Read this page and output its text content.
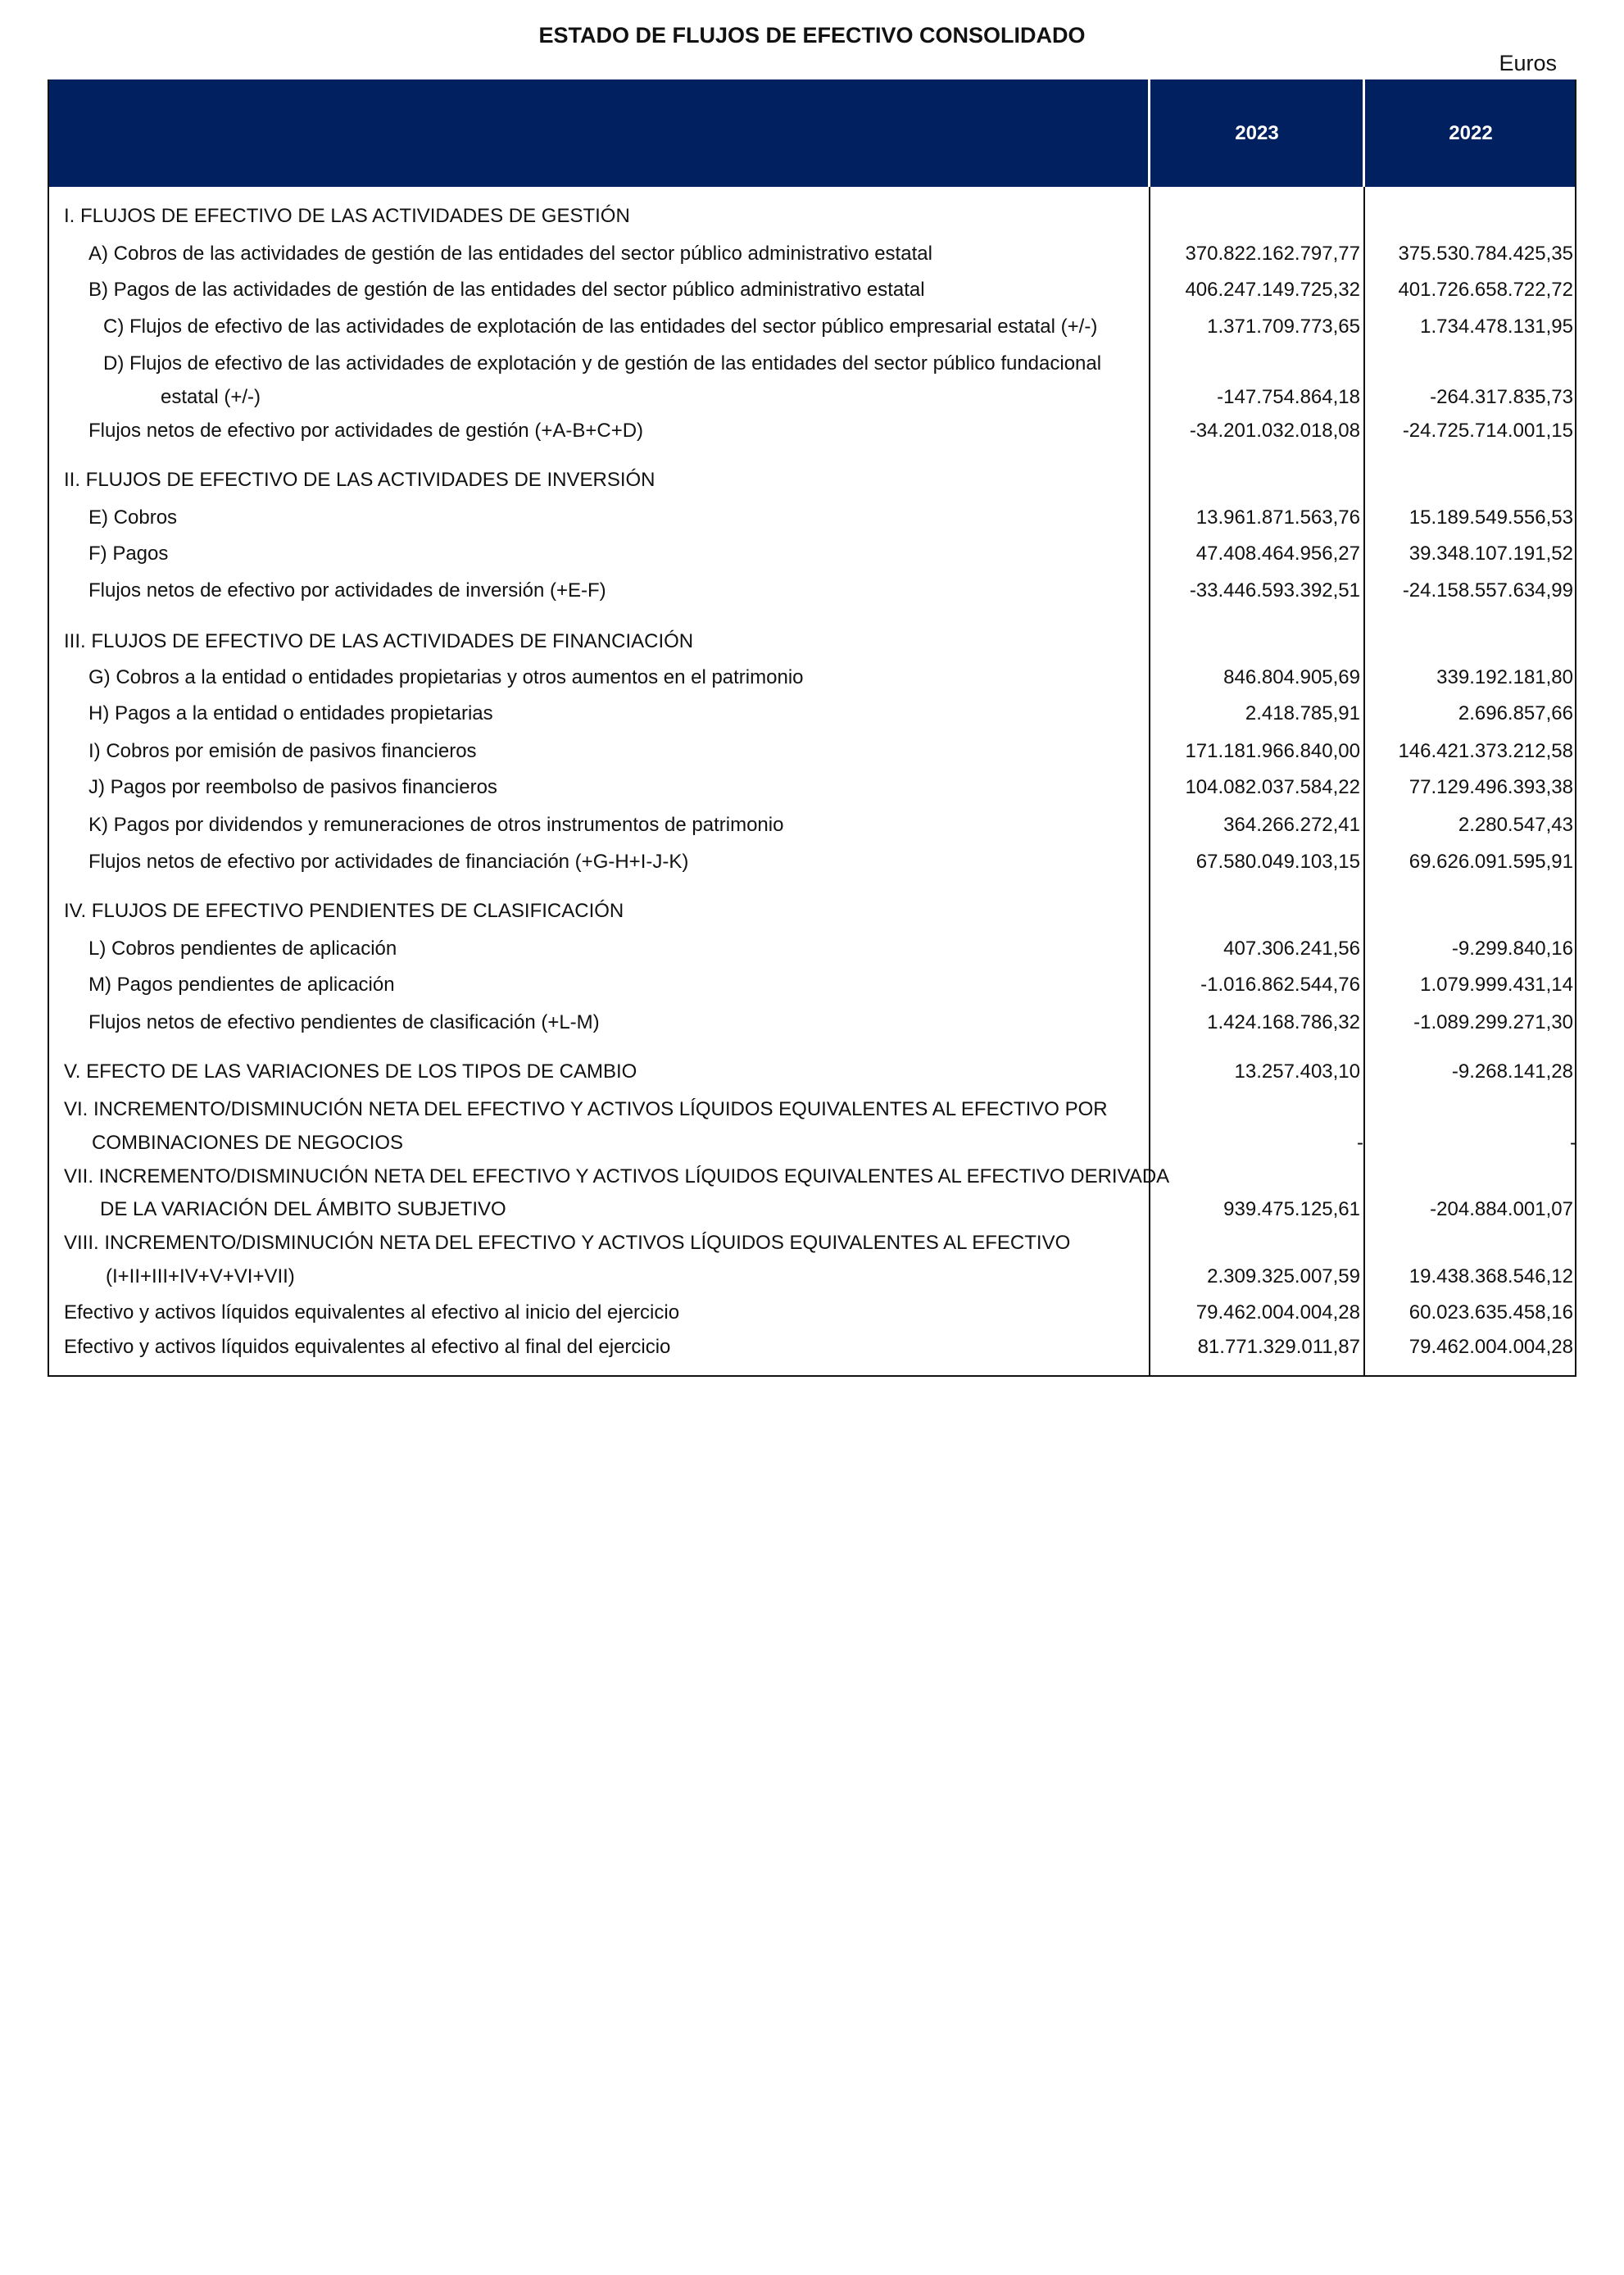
ESTADO DE FLUJOS DE EFECTIVO CONSOLIDADO
Euros
2023	2022
I. FLUJOS DE EFECTIVO DE LAS ACTIVIDADES DE GESTIÓN
A) Cobros de las actividades de gestión de las entidades del sector público administrativo estatal	370.822.162.797,77	375.530.784.425,35
B) Pagos de las actividades de gestión de las entidades del sector público administrativo estatal	406.247.149.725,32	401.726.658.722,72
C) Flujos de efectivo de las actividades de explotación de las entidades del sector público empresarial estatal (+/-)	1.371.709.773,65	1.734.478.131,95
D) Flujos de efectivo de las actividades de explotación y de gestión de las entidades del sector público fundacional
estatal (+/-)	-147.754.864,18	-264.317.835,73
Flujos netos de efectivo por actividades de gestión (+A-B+C+D)	-34.201.032.018,08	-24.725.714.001,15
II. FLUJOS DE EFECTIVO DE LAS ACTIVIDADES DE INVERSIÓN
E) Cobros	13.961.871.563,76	15.189.549.556,53
F) Pagos	47.408.464.956,27	39.348.107.191,52
Flujos netos de efectivo por actividades de inversión (+E-F)	-33.446.593.392,51	-24.158.557.634,99
III. FLUJOS DE EFECTIVO DE LAS ACTIVIDADES DE FINANCIACIÓN
G) Cobros a la entidad o entidades propietarias y otros aumentos en el patrimonio	846.804.905,69	339.192.181,80
H) Pagos a la entidad o entidades propietarias	2.418.785,91	2.696.857,66
I) Cobros por emisión de pasivos financieros	171.181.966.840,00	146.421.373.212,58
J) Pagos por reembolso de pasivos financieros	104.082.037.584,22	77.129.496.393,38
K) Pagos por dividendos y remuneraciones de otros instrumentos de patrimonio	364.266.272,41	2.280.547,43
Flujos netos de efectivo por actividades de financiación (+G-H+I-J-K)	67.580.049.103,15	69.626.091.595,91
IV. FLUJOS DE EFECTIVO PENDIENTES DE CLASIFICACIÓN
L) Cobros pendientes de aplicación	407.306.241,56	-9.299.840,16
M) Pagos pendientes de aplicación	-1.016.862.544,76	1.079.999.431,14
Flujos netos de efectivo pendientes de clasificación (+L-M)	1.424.168.786,32	-1.089.299.271,30
V. EFECTO DE LAS VARIACIONES DE LOS TIPOS DE CAMBIO	13.257.403,10	-9.268.141,28
VI. INCREMENTO/DISMINUCIÓN NETA DEL EFECTIVO Y ACTIVOS LÍQUIDOS EQUIVALENTES AL EFECTIVO POR
COMBINACIONES DE NEGOCIOS	-	-
VII. INCREMENTO/DISMINUCIÓN NETA DEL EFECTIVO Y ACTIVOS LÍQUIDOS EQUIVALENTES AL EFECTIVO DERIVADA
DE LA VARIACIÓN DEL ÁMBITO SUBJETIVO	939.475.125,61	-204.884.001,07
VIII. INCREMENTO/DISMINUCIÓN NETA DEL EFECTIVO Y ACTIVOS LÍQUIDOS EQUIVALENTES AL EFECTIVO
(I+II+III+IV+V+VI+VII)	2.309.325.007,59	19.438.368.546,12
Efectivo y activos líquidos equivalentes al efectivo al inicio del ejercicio	79.462.004.004,28	60.023.635.458,16
Efectivo y activos líquidos equivalentes al efectivo al final del ejercicio	81.771.329.011,87	79.462.004.004,28
